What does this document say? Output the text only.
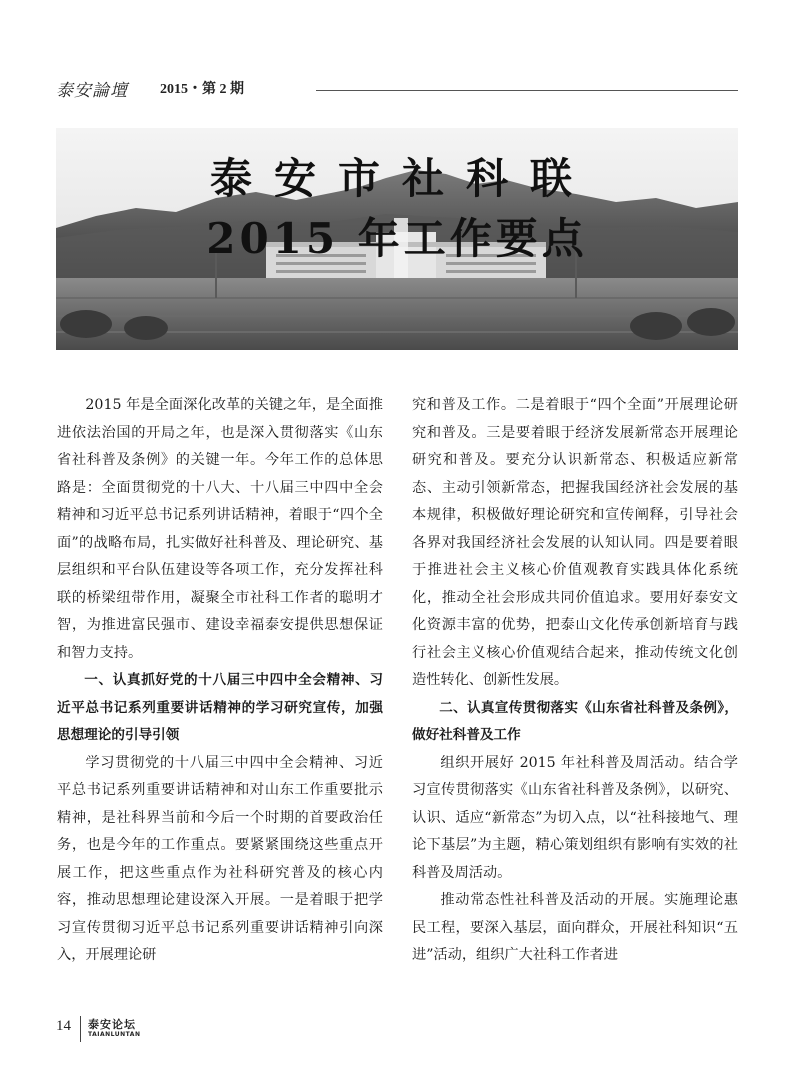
泰安論壇 2015・第 2 期
泰安市社科联
2015 年工作要点

2015 年是全面深化改革的关键之年，是全面推进依法治国的开局之年，也是深入贯彻落实《山东省社科普及条例》的关键一年。今年工作的总体思路是：全面贯彻党的十八大、十八届三中四中全会精神和习近平总书记系列讲话精神，着眼于“四个全面”的战略布局，扎实做好社科普及、理论研究、基层组织和平台队伍建设等各项工作，充分发挥社科联的桥梁纽带作用，凝聚全市社科工作者的聪明才智，为推进富民强市、建设幸福泰安提供思想保证和智力支持。

一、认真抓好党的十八届三中四中全会精神、习近平总书记系列重要讲话精神的学习研究宣传，加强思想理论的引导引领

学习贯彻党的十八届三中四中全会精神、习近平总书记系列重要讲话精神和对山东工作重要批示精神，是社科界当前和今后一个时期的首要政治任务，也是今年的工作重点。要紧紧围绕这些重点开展工作，把这些重点作为社科研究普及的核心内容，推动思想理论建设深入开展。一是着眼于把学习宣传贯彻习近平总书记系列重要讲话精神引向深入，开展理论研

究和普及工作。二是着眼于“四个全面”开展理论研究和普及。三是要着眼于经济发展新常态开展理论研究和普及。要充分认识新常态、积极适应新常态、主动引领新常态，把握我国经济社会发展的基本规律，积极做好理论研究和宣传阐释，引导社会各界对我国经济社会发展的认知认同。四是要着眼于推进社会主义核心价值观教育实践具体化系统化，推动全社会形成共同价值追求。要用好泰安文化资源丰富的优势，把泰山文化传承创新培育与践行社会主义核心价值观结合起来，推动传统文化创造性转化、创新性发展。

二、认真宣传贯彻落实《山东省社科普及条例》，做好社科普及工作

组织开展好 2015 年社科普及周活动。结合学习宣传贯彻落实《山东省社科普及条例》，以研究、认识、适应“新常态”为切入点，以“社科接地气、理论下基层”为主题，精心策划组织有影响有实效的社科普及周活动。

推动常态性社科普及活动的开展。实施理论惠民工程，要深入基层，面向群众，开展社科知识“五进”活动，组织广大社科工作者进

14 泰安论坛
TAIANLUNTAN
